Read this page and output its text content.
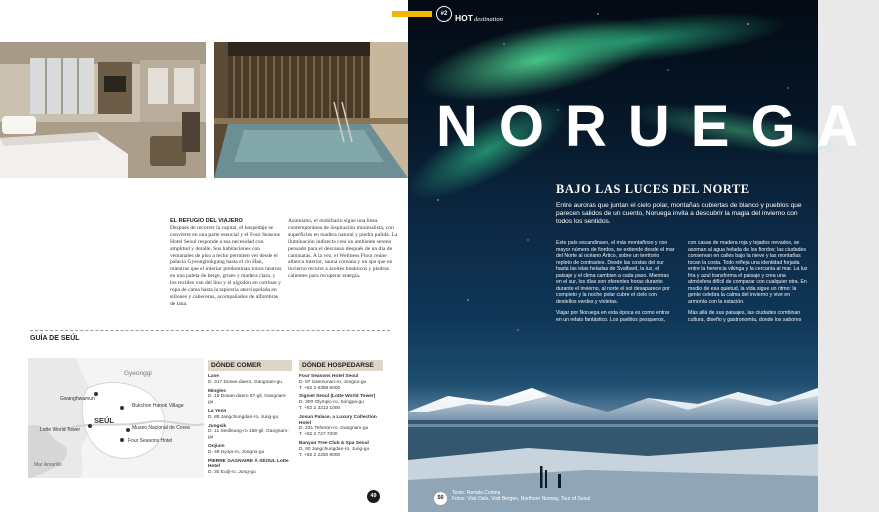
EL REFUGIO DEL VIAJERO
Después de recorrer la capital, el hospedaje se convierte en una parte esencial y el Four Seasons Hotel Seoul responde a esa necesidad con amplitud y detalle. Sus habitaciones con ventanales de piso a techo permiten ver desde el palacio Gyeongbokgung hasta el río Han, mientras que el interior predominan tonos neutros en una paleta de beige, grises y madera clara, y los textiles van del lino y el algodón en cortinas y ropa de cama hasta la tapicería aterciopelada en sillones y cabeceras, acompañados de alfombras de lana.
Asimismo, el mobiliario sigue una línea contemporánea de inspiración minimalista, con superficies en madera natural y piedra pulida. La iluminación indirecta crea un ambiente sereno pensado para el descanso después de un día de caminatas. A la vez, el Wellness Floor reúne alberca interior, sauna coreana y un spa que en invierno recurre a aceites botánicos y piedras calientes para recuperar energía.
GUÍA DE SEÚL
Gyeonggi
SEÚL
Mar Amarillo
Bukchon Hanok Village
Gwanghwamun
Lotte World Tower	Museo Nacional de Corea
Four Seasons Hotel
DÓNDE COMER
Lase
D. 317 Dosan-daero, Gangnam-gu
Mingles
D. 19 Dosan-daero 67-gil, Gangnam-gu
La Yeon
D. 88 Jangchungdan-ro, Jung-gu
Jungsik
D. 11 Seolleung-ro 158-gil, Gangnam-gu
Onjium
D. 49 Hyoja-ro, Jongno-gu
PIERRE GAGNAIRE À SÉOUL Lotte Hotel
D. 30 Eulji-ro, Jung-gu
DÓNDE HOSPEDARSE
Four Seasons Hotel Seoul
D. 97 Saemunan-ro, Jongno-gu
T. +82 2 6388 5000
Signiel Seoul (Lotte World Tower)
D. 300 Olympic-ro, Songpa-gu
T. +82 2 3213 1000
Josun Palace, a Luxury Collection Hotel
D. 231 Teheran-ro, Gangnam-gu
T. +82 2 727 7200
Banyan Tree Club & Spa Seoul
D. 60 Jangchungdan-ro, Jung-gu
T. +82 2 2250 8000
49
#2 HOTdestination
NORUEGA
BAJO LAS LUCES DEL NORTE
Entre auroras que juntan el cielo polar, montañas cubiertas de blanco y pueblos que parecen salidos de un cuento, Noruega invita a descubrir la magia del invierno con todos los sentidos.

Este país escandinavo, el más montañoso y con mayor número de fiordos, se extiende desde el mar del Norte al océano Ártico, sobre un territorio repleto de contrastes. Desde las costas del sur hasta las islas heladas de Svalbard, la luz, el paisaje y el clima cambian a cada paso. Mientras en el sur, los días son oferentes horas durante durante el invierno, al norte el sol desaparece por completo y la noche polar cubre el cielo con destellos verdes y violetas.

Viajar por Noruega en esta época es como entrar en un relato fantástico. Los pueblos pesqueros,

con casas de madera roja y tejados nevados, se asoman al agua helada de los fiordos; las ciudades conservan en calles bajo la nieve y las montañas tocan la costa. Todo refleja una identidad forjada entre la herencia vikinga y la cercanía al mar. La luz fría y azul transforma el paisaje y crea una atmósfera difícil de comparar con cualquier otra. En medio de esa quietud, la vida sigue un ritmo: la gente celebra la calma del invierno y vive en armonía con la estación.

Más allá de sus paisajes, las ciudades combinan cultura, diseño y gastronomía, donde los sabores

50
Texto: Renata Cortina
Fotos: Visit Oslo, Visit Bergen, Northern Norway, Tour of Seoul
